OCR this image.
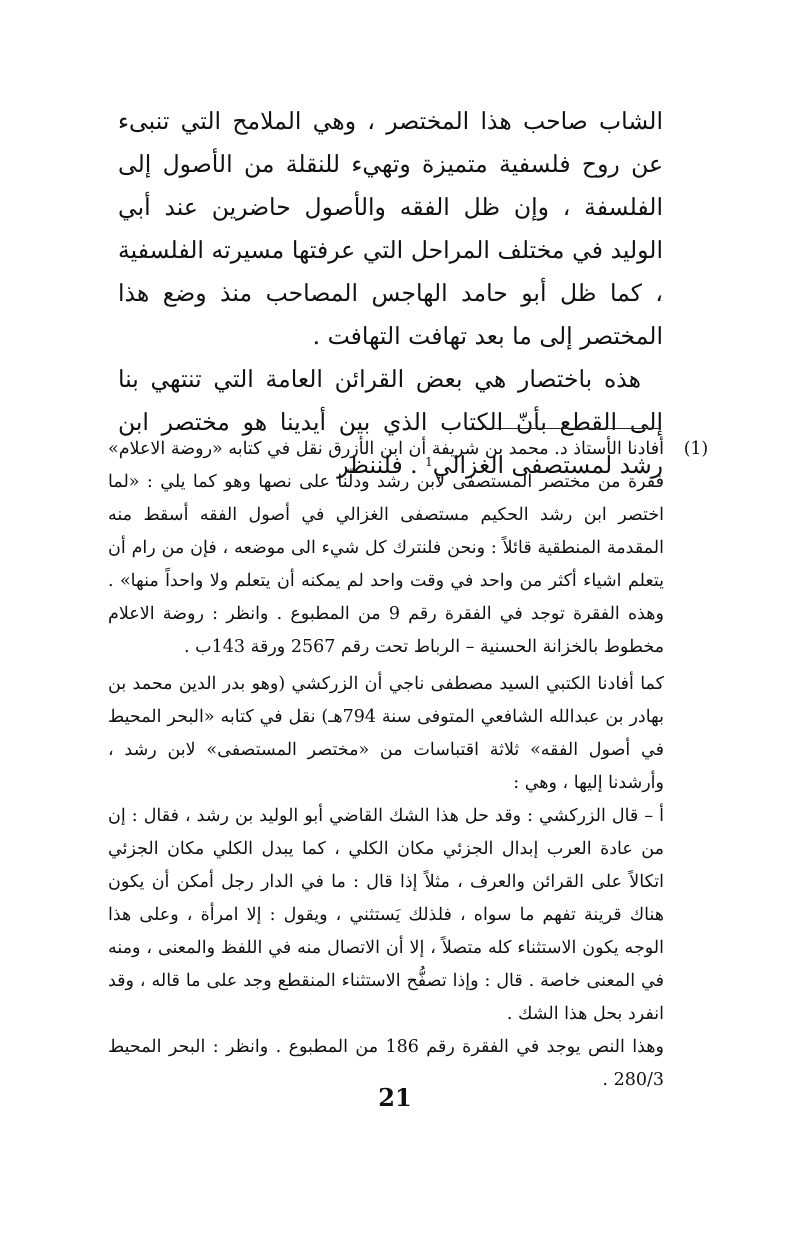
الشاب صاحب هذا المختصر ، وهي الملامح التي تنبىء عن روح فلسفية متميزة وتهيء للنقلة من الأصول إلى الفلسفة ، وإن ظل الفقه والأصول حاضرين عند أبي الوليد في مختلف المراحل التي عرفتها مسيرته الفلسفية ، كما ظل أبو حامد الهاجس المصاحب منذ وضع هذا المختصر إلى ما بعد تهافت التهافت .

هذه باختصار هي بعض القرائن العامة التي تنتهي بنا إلى القطع بأنّ الكتاب الذي بين أيدينا هو مختصر ابن رشد لمستصفى الغزالي$^1$ . فلننظر

(1)

أفادنا الأستاذ د. محمد بن شريفة أن ابن الأزرق نقل في كتابه «روضة الاعلام» فقرة من مختصر المستصفى لابن رشد ودلّنا على نصها وهو كما يلي : «لما اختصر ابن رشد الحكيم مستصفى الغزالي في أصول الفقه أسقط منه المقدمة المنطقية قائلاً : ونحن فلنترك كل شيء الى موضعه ، فإن من رام أن يتعلم اشياء أكثر من واحد في وقت واحد لم يمكنه أن يتعلم ولا واحداً منها» . وهذه الفقرة توجد في الفقرة رقم 9 من المطبوع . وانظر : روضة الاعلام مخطوط بالخزانة الحسنية – الرباط تحت رقم 2567 ورقة 143ب .

كما أفادنا الكتبي السيد مصطفى ناجي أن الزركشي (وهو بدر الدين محمد بن بهادر بن عبدالله الشافعي المتوفى سنة 794هـ) نقل في كتابه «البحر المحيط في أصول الفقه» ثلاثة اقتباسات من «مختصر المستصفى» لابن رشد ، وأرشدنا إليها ، وهي :

أ – قال الزركشي : وقد حل هذا الشك القاضي أبو الوليد بن رشد ، فقال : إن من عادة العرب إبدال الجزئي مكان الكلي ، كما يبدل الكلي مكان الجزئي اتكالاً على القرائن والعرف ، مثلاً إذا قال : ما في الدار رجل أمكن أن يكون هناك قرينة تفهم ما سواه ، فلذلك يَستثني ، ويقول : إلا امرأة ، وعلى هذا الوجه يكون الاستثناء كله متصلاً ، إلا أن الاتصال منه في اللفظ والمعنى ، ومنه في المعنى خاصة . قال : وإذا تصفُّح الاستثناء المنقطع وجد على ما قاله ، وقد انفرد بحل هذا الشك .

وهذا النص يوجد في الفقرة رقم 186 من المطبوع . وانظر : البحر المحيط 280/3 .

21
